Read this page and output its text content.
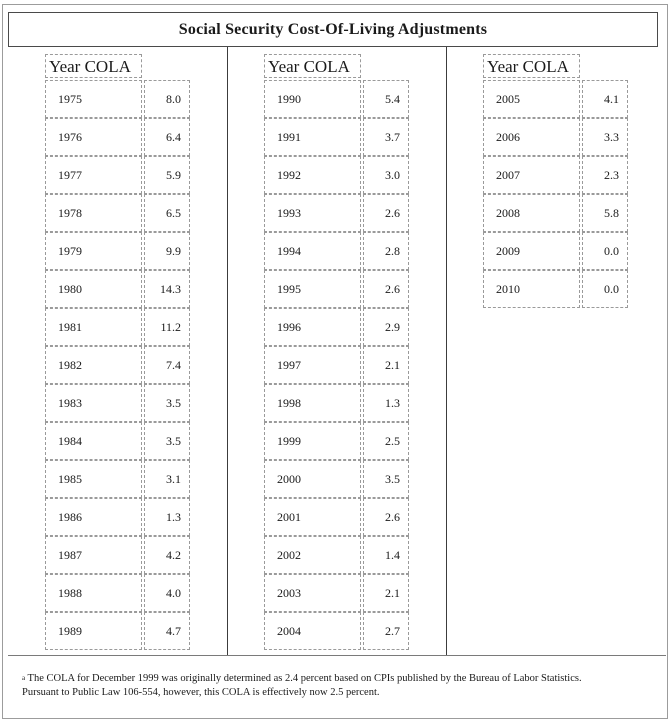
Social Security Cost-Of-Living Adjustments
Year COLA
1975	8.0
1976	6.4
1977	5.9
1978	6.5
1979	9.9
1980	14.3
1981	11.2
1982	7.4
1983	3.5
1984	3.5
1985	3.1
1986	1.3
1987	4.2
1988	4.0
1989	4.7
Year COLA
1990	5.4
1991	3.7
1992	3.0
1993	2.6
1994	2.8
1995	2.6
1996	2.9
1997	2.1
1998	1.3
1999	2.5
2000	3.5
2001	2.6
2002	1.4
2003	2.1
2004	2.7
Year COLA
2005	4.1
2006	3.3
2007	2.3
2008	5.8
2009	0.0
2010	0.0
$^a$ The COLA for December 1999 was originally determined as 2.4 percent based on CPIs published by the Bureau of Labor Statistics.
Pursuant to Public Law 106-554, however, this COLA is effectively now 2.5 percent.
